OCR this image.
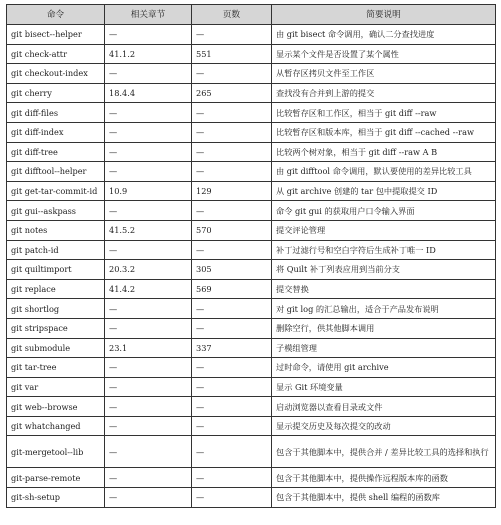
命令	相关章节	页数	简要说明
git bisect--helper	—	—	由 git bisect 命令调用，确认二分查找进度
git check-attr	41.1.2	551	显示某个文件是否设置了某个属性
git checkout-index	—	—	从暂存区拷贝文件至工作区
git cherry	18.4.4	265	查找没有合并到上游的提交
git diff-files	—	—	比较暂存区和工作区，相当于 git diff --raw
git diff-index	—	—	比较暂存区和版本库，相当于 git diff --cached --raw
git diff-tree	—	—	比较两个树对象，相当于 git diff --raw A B
git difftool--helper	—	—	由 git difftool 命令调用，默认要使用的差异比较工具
git get-tar-commit-id	10.9	129	从 git archive 创建的 tar 包中提取提交 ID
git gui--askpass	—	—	命令 git gui 的获取用户口令输入界面
git notes	41.5.2	570	提交评论管理
git patch-id	—	—	补丁过滤行号和空白字符后生成补丁唯一 ID
git quiltimport	20.3.2	305	将 Quilt 补丁列表应用到当前分支
git replace	41.4.2	569	提交替换
git shortlog	—	—	对 git log 的汇总输出，适合于产品发布说明
git stripspace	—	—	删除空行，供其他脚本调用
git submodule	23.1	337	子模组管理
git tar-tree	—	—	过时命令，请使用 git archive
git var	—	—	显示 Git 环境变量
git web--browse	—	—	启动浏览器以查看目录或文件
git whatchanged	—	—	显示提交历史及每次提交的改动
git-mergetool--lib	—	—	包含于其他脚本中，提供合并 / 差异比较工具的选择和执行
git-parse-remote	—	—	包含于其他脚本中，提供操作远程版本库的函数
git-sh-setup	—	—	包含于其他脚本中，提供 shell 编程的函数库
